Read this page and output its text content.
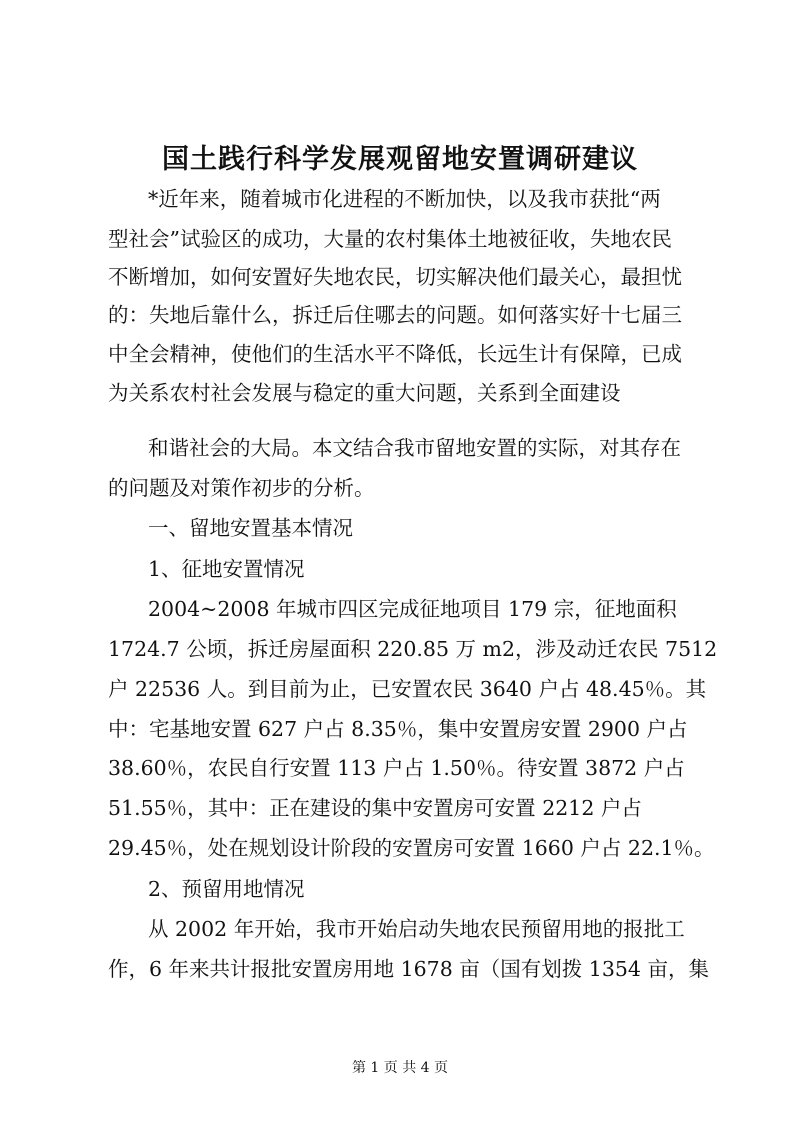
国土践行科学发展观留地安置调研建议
*近年来，随着城市化进程的不断加快，以及我市获批“两
型社会”试验区的成功，大量的农村集体土地被征收，失地农民
不断增加，如何安置好失地农民，切实解决他们最关心，最担忧
的：失地后靠什么，拆迁后住哪去的问题。如何落实好十七届三
中全会精神，使他们的生活水平不降低，长远生计有保障，已成
为关系农村社会发展与稳定的重大问题，关系到全面建设
和谐社会的大局。本文结合我市留地安置的实际，对其存在
的问题及对策作初步的分析。
一、留地安置基本情况
1、征地安置情况
2004~2008 年城市四区完成征地项目 179 宗，征地面积
1724.7 公顷，拆迁房屋面积 220.85 万 m2，涉及动迁农民 7512
户 22536 人。到目前为止，已安置农民 3640 户占 48.45％。其
中：宅基地安置 627 户占 8.35％，集中安置房安置 2900 户占
38.60％，农民自行安置 113 户占 1.50％。待安置 3872 户占
51.55％，其中：正在建设的集中安置房可安置 2212 户占
29.45％，处在规划设计阶段的安置房可安置 1660 户占 22.1％。
2、预留用地情况
从 2002 年开始，我市开始启动失地农民预留用地的报批工
作，6 年来共计报批安置房用地 1678 亩（国有划拨 1354 亩，集
第 1 页 共 4 页
